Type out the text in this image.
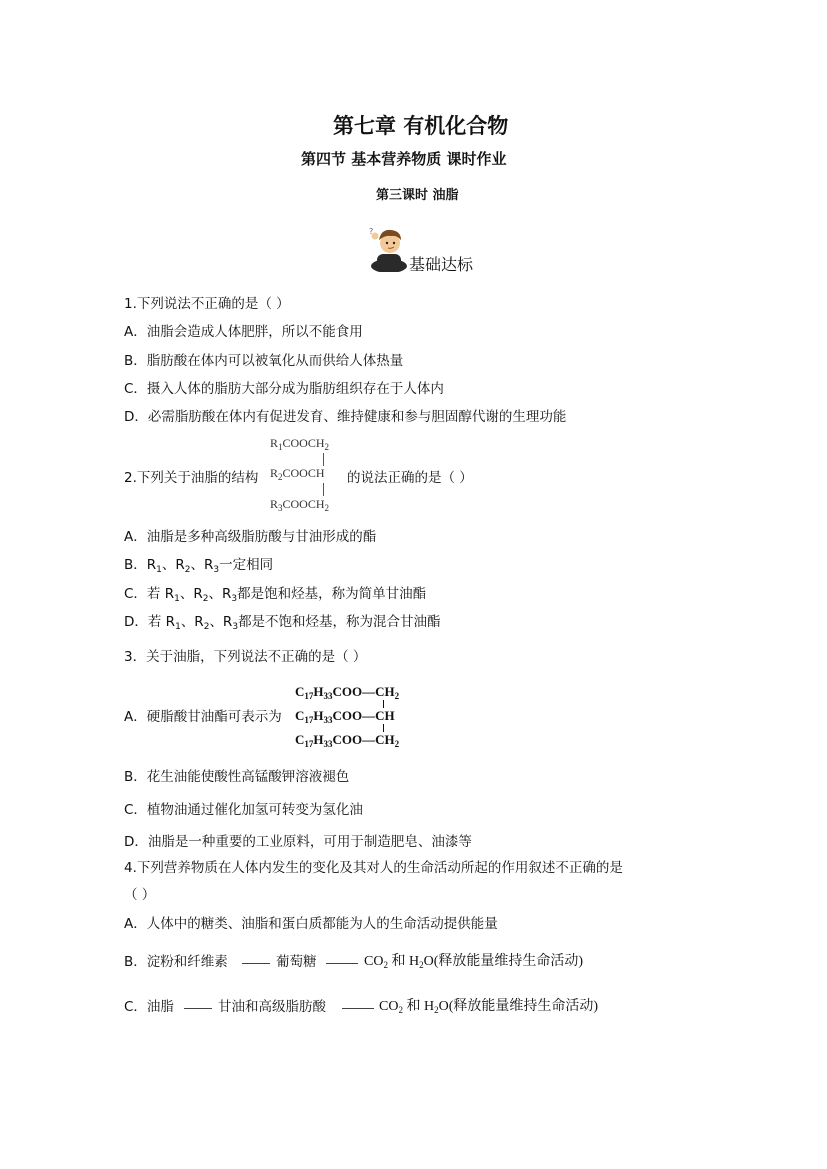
第七章 有机化合物
第四节 基本营养物质 课时作业
第三课时 油脂
?
基础达标
1.下列说法不正确的是（ ）
A．油脂会造成人体肥胖，所以不能食用
B．脂肪酸在体内可以被氧化从而供给人体热量
C．摄入人体的脂肪大部分成为脂肪组织存在于人体内
D．必需脂肪酸在体内有促进发育、维持健康和参与胆固醇代谢的生理功能
2.下列关于油脂的结构
$R_1COOCH_2$
$R_2COOCH$
$R_3COOCH_2$
的说法正确的是（ ）
A．油脂是多种高级脂肪酸与甘油形成的酯
B．$R_1$、$R_2$、$R_3$一定相同
C．若 $R_1$、$R_2$、$R_3$都是饱和烃基，称为简单甘油酯
D．若 $R_1$、$R_2$、$R_3$都是不饱和烃基，称为混合甘油酯
3．关于油脂，下列说法不正确的是（ ）
A．硬脂酸甘油酯可表示为
$C_{17}H_{33}COO—CH_2$
$C_{17}H_{33}COO—CH$
$C_{17}H_{33}COO—CH_2$
B．花生油能使酸性高锰酸钾溶液褪色
C．植物油通过催化加氢可转变为氢化油
D．油脂是一种重要的工业原料，可用于制造肥皂、油漆等
4.下列营养物质在人体内发生的变化及其对人的生命活动所起的作用叙述不正确的是
（ ）
A．人体中的糖类、油脂和蛋白质都能为人的生命活动提供能量
B．淀粉和纤维素	葡萄糖	$CO_2$ 和 $H_2O$(释放能量维持生命活动)
C．油脂	甘油和高级脂肪酸	$CO_2$ 和 $H_2O$(释放能量维持生命活动)
